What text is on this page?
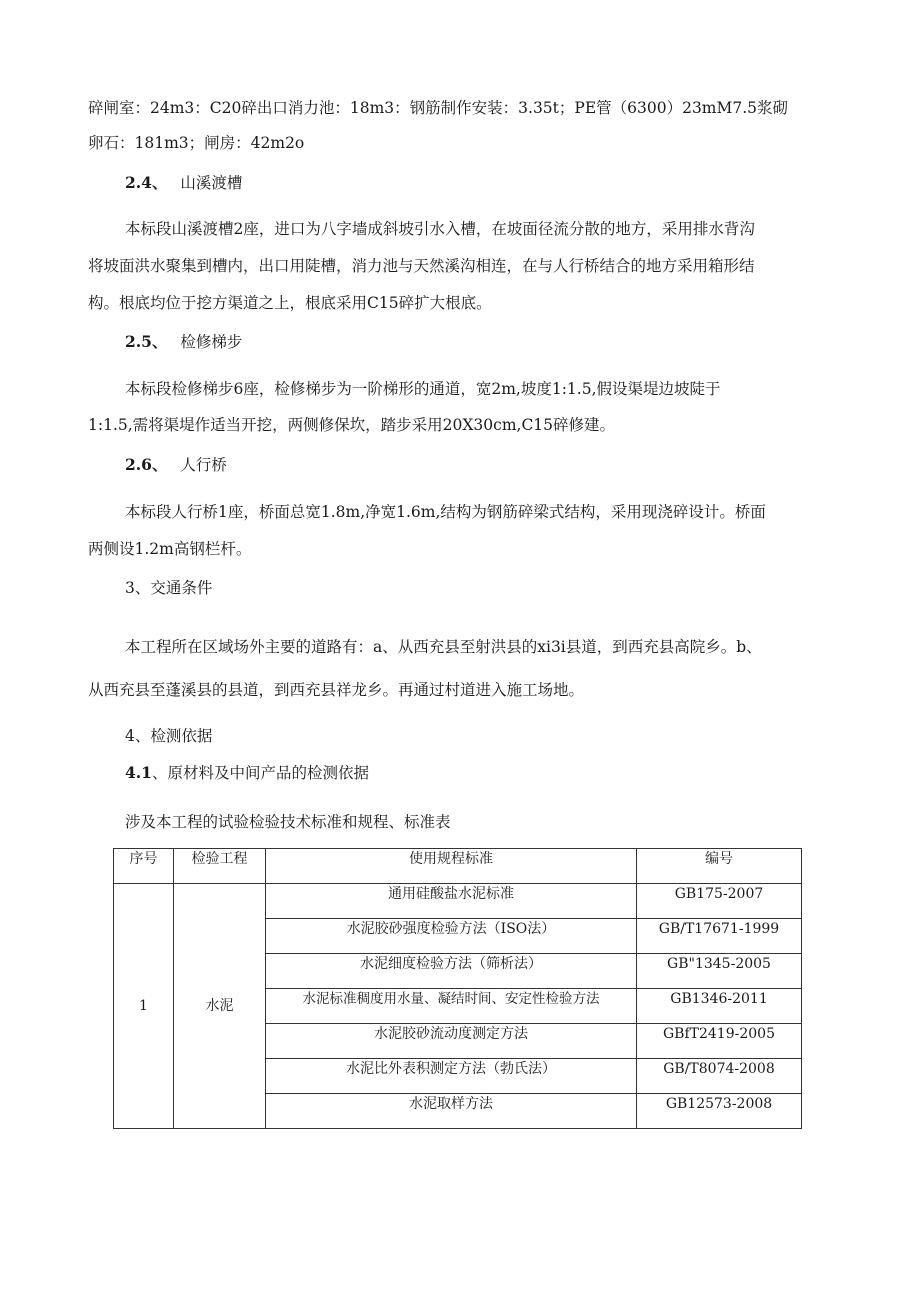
碎闸室：24m3：C20碎出口消力池：18m3：钢筋制作安装：3.35t；PE管（6300）23mM7.5浆砌
卵石：181m3；闸房：42m2o
2.4、 山溪渡槽
本标段山溪渡槽2座，进口为八字墙成斜坡引水入槽，在坡面径流分散的地方，采用排水背沟
将坡面洪水聚集到槽内，出口用陡槽，消力池与天然溪沟相连，在与人行桥结合的地方采用箱形结
构。根底均位于挖方渠道之上，根底采用C15碎扩大根底。
2.5、 检修梯步
本标段检修梯步6座，检修梯步为一阶梯形的通道，宽2m,坡度1:1.5,假设渠堤边坡陡于
1:1.5,需将渠堤作适当开挖，两侧修保坎，踏步采用20X30cm,C15碎修建。
2.6、 人行桥
本标段人行桥1座，桥面总宽1.8m,净宽1.6m,结构为钢筋碎梁式结构，采用现浇碎设计。桥面
两侧设1.2m高钢栏杆。
3、交通条件
本工程所在区域场外主要的道路有：a、从西充县至射洪县的xi3i县道，到西充县高院乡。b、
从西充县至蓬溪县的县道，到西充县祥龙乡。再通过村道进入施工场地。
4、检测依据
4.1、原材料及中间产品的检测依据
涉及本工程的试验检验技术标准和规程、标准表
序号	检验工程	使用规程标准	编号
1	水泥	通用硅酸盐水泥标准	GB175-2007
		水泥胶砂强度检验方法（ISO法）	GB/T17671-1999
		水泥细度检验方法（筛析法）	GB"1345-2005
		水泥标准稠度用水量、凝结时间、安定性检验方法	GB1346-2011
		水泥胶砂流动度测定方法	GBfT2419-2005
		水泥比外表积测定方法（勃氏法）	GB/T8074-2008
		水泥取样方法	GB12573-2008
